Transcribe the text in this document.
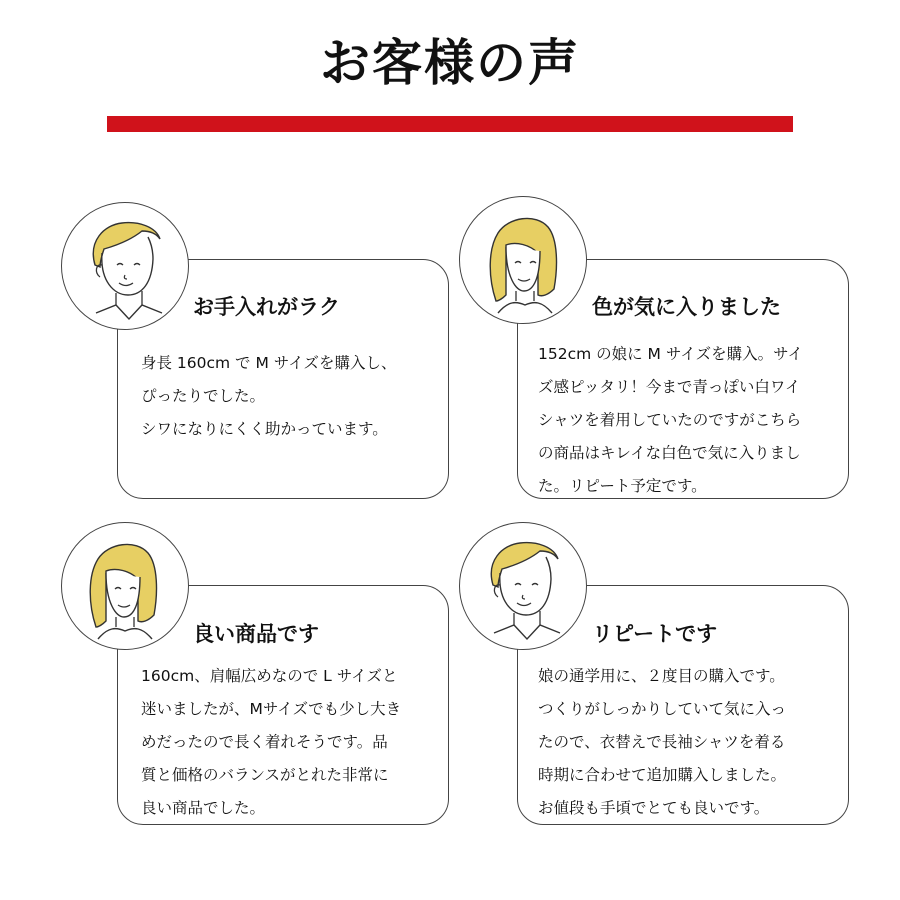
お客様の声
お手入れがラク
身長 160cm で M サイズを購入し、
ぴったりでした。
シワになりにくく助かっています。
色が気に入りました
152cm の娘に M サイズを購入。サイ
ズ感ピッタリ！今まで青っぽい白ワイ
シャツを着用していたのですがこちら
の商品はキレイな白色で気に入りまし
た。リピート予定です。
良い商品です
160cm、肩幅広めなので L サイズと
迷いましたが、Mサイズでも少し大き
めだったので長く着れそうです。品
質と価格のバランスがとれた非常に
良い商品でした。
リピートです
娘の通学用に、２度目の購入です。
つくりがしっかりしていて気に入っ
たので、衣替えで長袖シャツを着る
時期に合わせて追加購入しました。
お値段も手頃でとても良いです。
